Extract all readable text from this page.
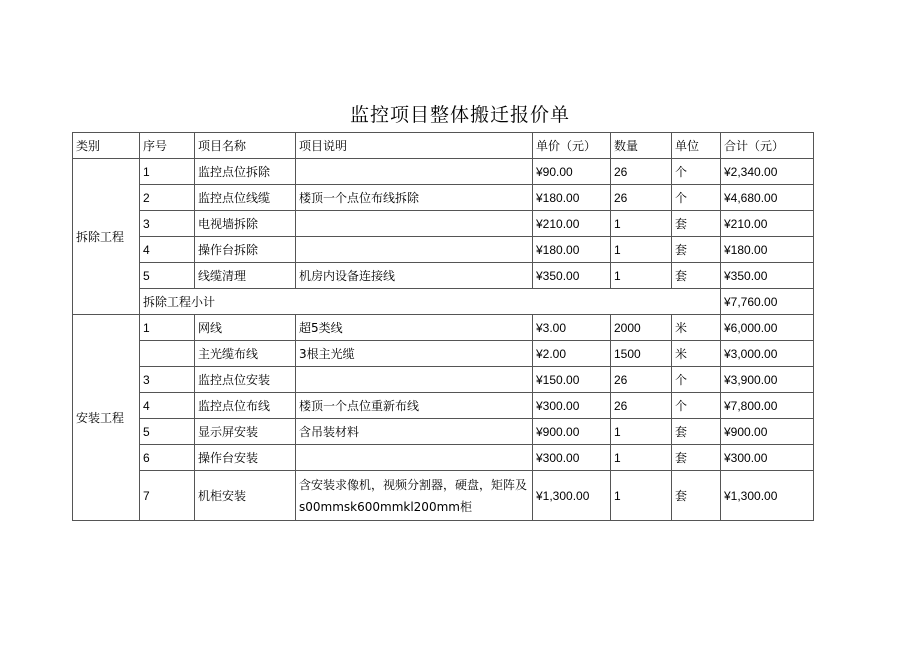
监控项目整体搬迁报价单
类别	序号	项目名称	项目说明	单价（元）	数量	单位	合计（元）
拆除工程	1	监控点位拆除		¥90.00	26	个	¥2,340.00
	2	监控点位线缆	楼顶一个点位布线拆除	¥180.00	26	个	¥4,680.00
	3	电视墙拆除		¥210.00	1	套	¥210.00
	4	操作台拆除		¥180.00	1	套	¥180.00
	5	线缆清理	机房内设备连接线	¥350.00	1	套	¥350.00
	拆除工程小计						¥7,760.00
安装工程	1	网线	超5类线	¥3.00	2000	米	¥6,000.00
		主光缆布线	3根主光缆	¥2.00	1500	米	¥3,000.00
	3	监控点位安装		¥150.00	26	个	¥3,900.00
	4	监控点位布线	楼顶一个点位重新布线	¥300.00	26	个	¥7,800.00
	5	显示屏安装	含吊装材料	¥900.00	1	套	¥900.00
	6	操作台安装		¥300.00	1	套	¥300.00
	7	机柜安装	含安装求像机，视频分割器，硬盘，矩阵及s00mmsk600mmkl200mm柜	¥1,300.00	1	套	¥1,300.00
